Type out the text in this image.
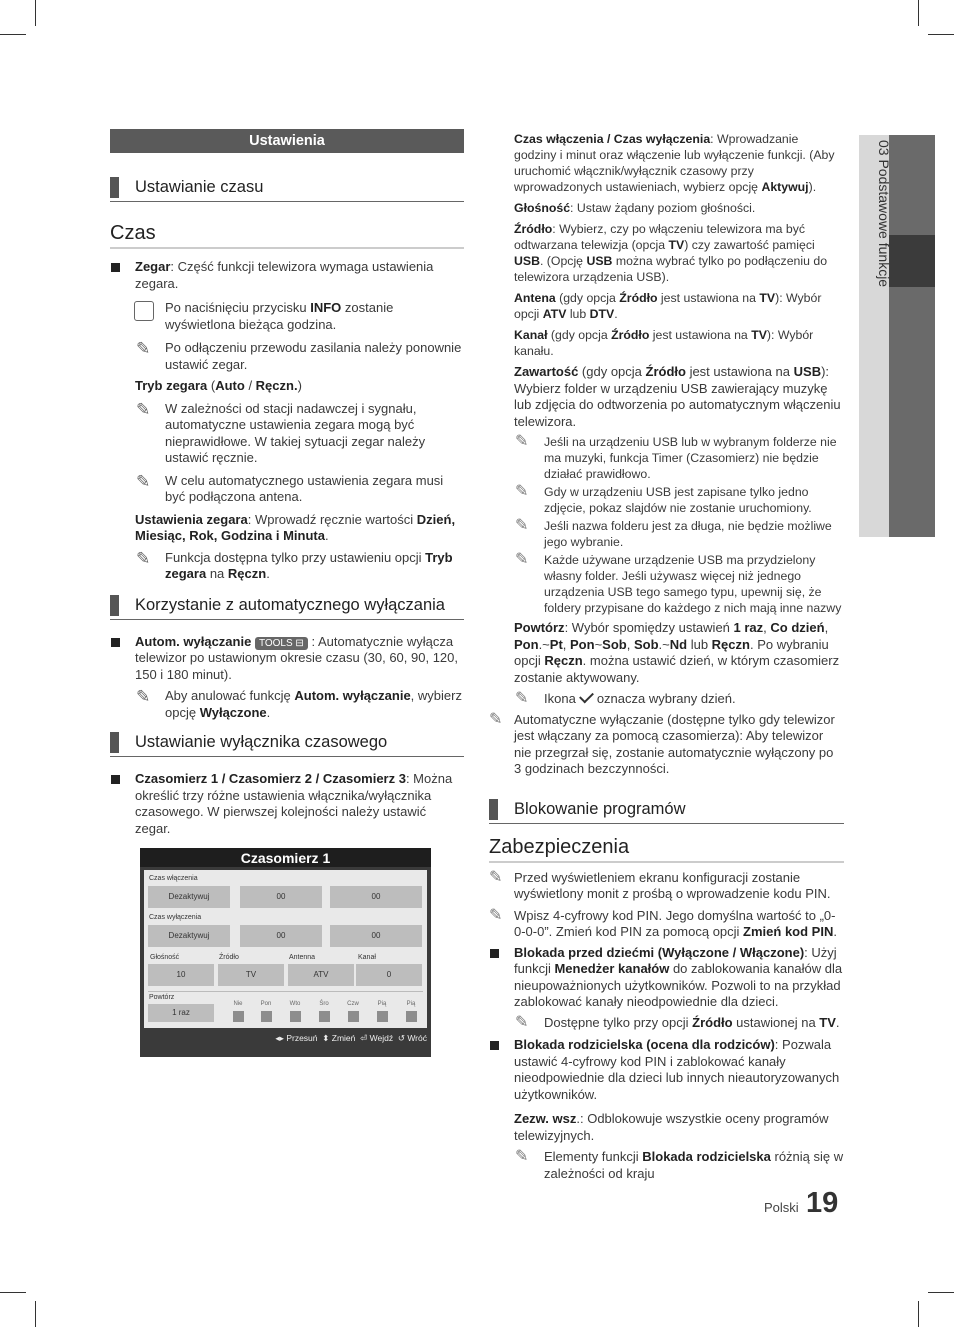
03 Podstawowe funkcje
Ustawienia
Ustawianie czasu
Czas
Zegar: Część funkcji telewizora wymaga ustawienia zegara.
Po naciśnięciu przycisku INFO zostanie wyświetlona bieżąca godzina.
✎ Po odłączeniu przewodu zasilania należy ponownie ustawić zegar.
Tryb zegara (Auto / Ręczn.)
✎ W zależności od stacji nadawczej i sygnału, automatyczne ustawienia zegara mogą być nieprawidłowe. W takiej sytuacji zegar należy ustawić ręcznie.
✎ W celu automatycznego ustawienia zegara musi być podłączona antena.
Ustawienia zegara: Wprowadź ręcznie wartości Dzień, Miesiąc, Rok, Godzina i Minuta.
✎ Funkcja dostępna tylko przy ustawieniu opcji Tryb zegara na Ręczn.
Korzystanie z automatycznego wyłączania
Autom. wyłączanie TOOLS ⊟ : Automatycznie wyłącza telewizor po ustawionym okresie czasu (30, 60, 90, 120, 150 i 180 minut).
✎ Aby anulować funkcję Autom. wyłączanie, wybierz opcję Wyłączone.
Ustawianie wyłącznika czasowego
Czasomierz 1 / Czasomierz 2 / Czasomierz 3: Można określić trzy różne ustawienia włącznika/wyłącznika czasowego. W pierwszej kolejności należy ustawić zegar.
Czasomierz 1
Czas włączenia
Dezaktywuj	00	00
Czas wyłączenia
Dezaktywuj	00	00
Głośność	Źródło	Antenna	Kanał
10	TV	ATV	0
Powtórz
1 raz
Nie	Pon	Wto	Śro	Czw	Pią	Pią
◂▸ Przesuń ⬍ Zmień ⏎ Wejdź ↺ Wróć
Czas włączenia / Czas wyłączenia: Wprowadzanie godziny i minut oraz włączenie lub wyłączenie funkcji. (Aby uruchomić włącznik/wyłącznik czasowy przy wprowadzonych ustawieniach, wybierz opcję Aktywuj).
Głośność: Ustaw żądany poziom głośności.
Źródło: Wybierz, czy po włączeniu telewizora ma być odtwarzana telewizja (opcja TV) czy zawartość pamięci USB. (Opcję USB można wybrać tylko po podłączeniu do telewizora urządzenia USB).
Antena (gdy opcja Źródło jest ustawiona na TV): Wybór opcji ATV lub DTV.
Kanał (gdy opcja Źródło jest ustawiona na TV): Wybór kanału.
Zawartość (gdy opcja Źródło jest ustawiona na USB): Wybierz folder w urządzeniu USB zawierający muzykę lub zdjęcia do odtworzenia po automatycznym włączeniu telewizora.
✎ Jeśli na urządzeniu USB lub w wybranym folderze nie ma muzyki, funkcja Timer (Czasomierz) nie będzie działać prawidłowo.
✎ Gdy w urządzeniu USB jest zapisane tylko jedno zdjęcie, pokaz slajdów nie zostanie uruchomiony.
✎ Jeśli nazwa folderu jest za długa, nie będzie możliwe jego wybranie.
✎ Każde używane urządzenie USB ma przydzielony własny folder. Jeśli używasz więcej niż jednego urządzenia USB tego samego typu, upewnij się, że foldery przypisane do każdego z nich mają inne nazwy
Powtórz: Wybór spomiędzy ustawień 1 raz, Co dzień, Pon.~Pt, Pon~Sob, Sob.~Nd lub Ręczn. Po wybraniu opcji Ręczn. można ustawić dzień, w którym czasomierz zostanie aktywowany.
✎ Ikona oznacza wybrany dzień.
✎ Automatyczne wyłączanie (dostępne tylko gdy telewizor jest włączany za pomocą czasomierza): Aby telewizor nie przegrzał się, zostanie automatycznie wyłączony po 3 godzinach bezczynności.
Blokowanie programów
Zabezpieczenia
✎ Przed wyświetleniem ekranu konfiguracji zostanie wyświetlony monit z prośbą o wprowadzenie kodu PIN.
✎ Wpisz 4-cyfrowy kod PIN. Jego domyślna wartość to „0-0-0-0”. Zmień kod PIN za pomocą opcji Zmień kod PIN.
Blokada przed dziećmi (Wyłączone / Włączone): Użyj funkcji Menedżer kanałów do zablokowania kanałów dla nieupoważnionych użytkowników. Pozwoli to na przykład zablokować kanały nieodpowiednie dla dzieci.
✎ Dostępne tylko przy opcji Źródło ustawionej na TV.
Blokada rodzicielska (ocena dla rodziców): Pozwala ustawić 4-cyfrowy kod PIN i zablokować kanały nieodpowiednie dla dzieci lub innych nieautoryzowanych użytkowników.
Zezw. wsz.: Odblokowuje wszystkie oceny programów telewizyjnych.
✎ Elementy funkcji Blokada rodzicielska różnią się w zależności od kraju
Polski 19
